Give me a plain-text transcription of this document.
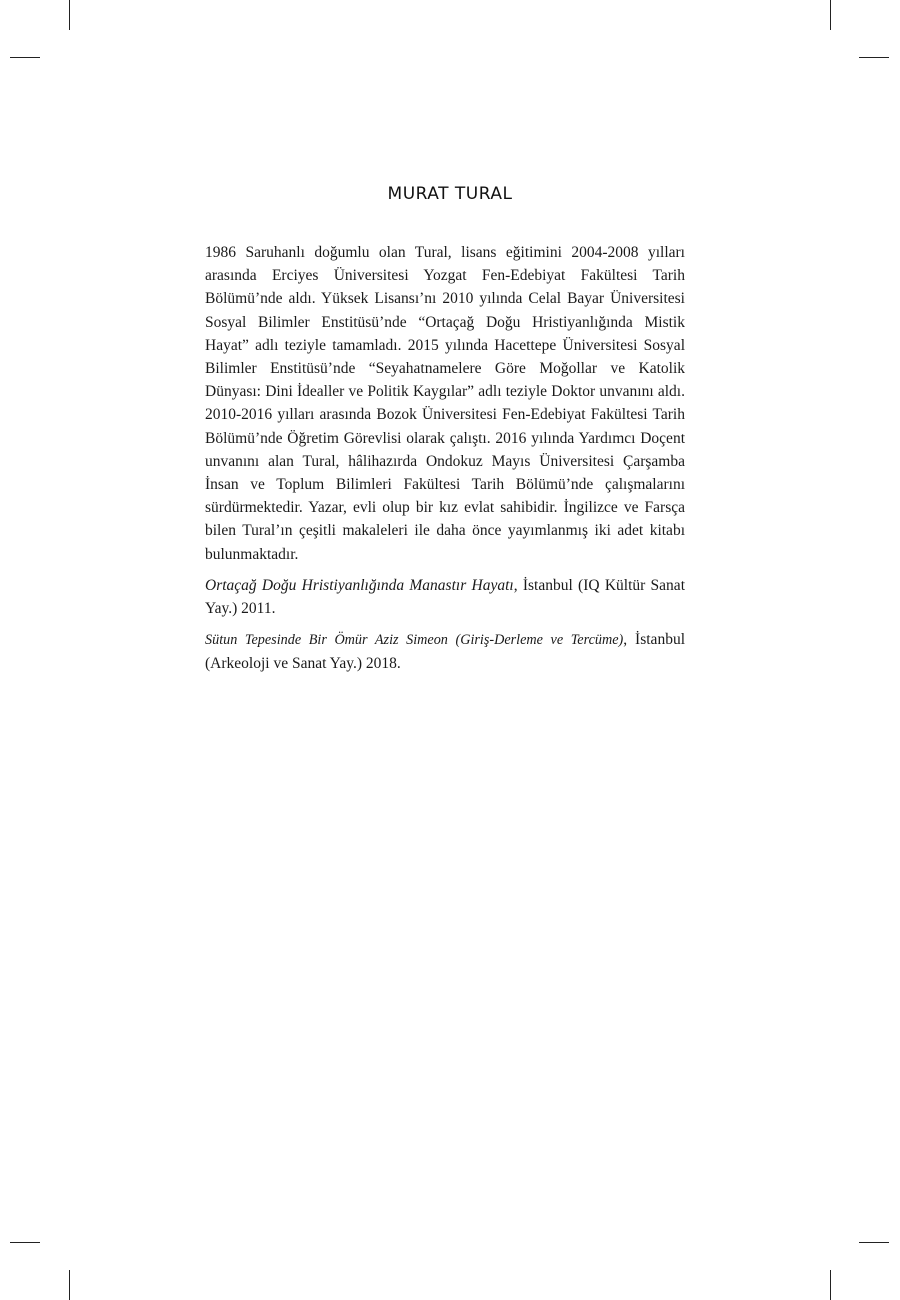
MURAT TURAL

1986 Saruhanlı doğumlu olan Tural, lisans eğitimini 2004-2008 yılları arasında Erciyes Üniversitesi Yozgat Fen-Edebiyat Fakültesi Tarih Bölümü’nde aldı. Yüksek Lisansı’nı 2010 yılında Celal Bayar Üniversitesi Sosyal Bilimler Enstitüsü’nde “Ortaçağ Doğu Hristiyanlığında Mistik Hayat” adlı teziyle tamamladı. 2015 yılında Hacettepe Üniversitesi Sosyal Bilimler Enstitüsü’nde “Seyahatnamelere Göre Moğollar ve Katolik Dünyası: Dini İdealler ve Politik Kaygılar” adlı teziyle Doktor unvanını aldı. 2010-2016 yılları arasında Bozok Üniversitesi Fen-Edebiyat Fakültesi Tarih Bölümü’nde Öğretim Görevlisi olarak çalıştı. 2016 yılında Yardımcı Doçent unvanını alan Tural, hâlihazırda Ondokuz Mayıs Üniversitesi Çarşamba İnsan ve Toplum Bilimleri Fakültesi Tarih Bölümü’nde çalışmalarını sürdürmektedir. Yazar, evli olup bir kız evlat sahibidir. İngilizce ve Farsça bilen Tural’ın çeşitli makaleleri ile daha önce yayımlanmış iki adet kitabı bulunmaktadır.

Ortaçağ Doğu Hristiyanlığında Manastır Hayatı, İstanbul (IQ Kültür Sanat Yay.) 2011.

Sütun Tepesinde Bir Ömür Aziz Simeon (Giriş-Derleme ve Tercüme), İstanbul (Arkeoloji ve Sanat Yay.) 2018.
